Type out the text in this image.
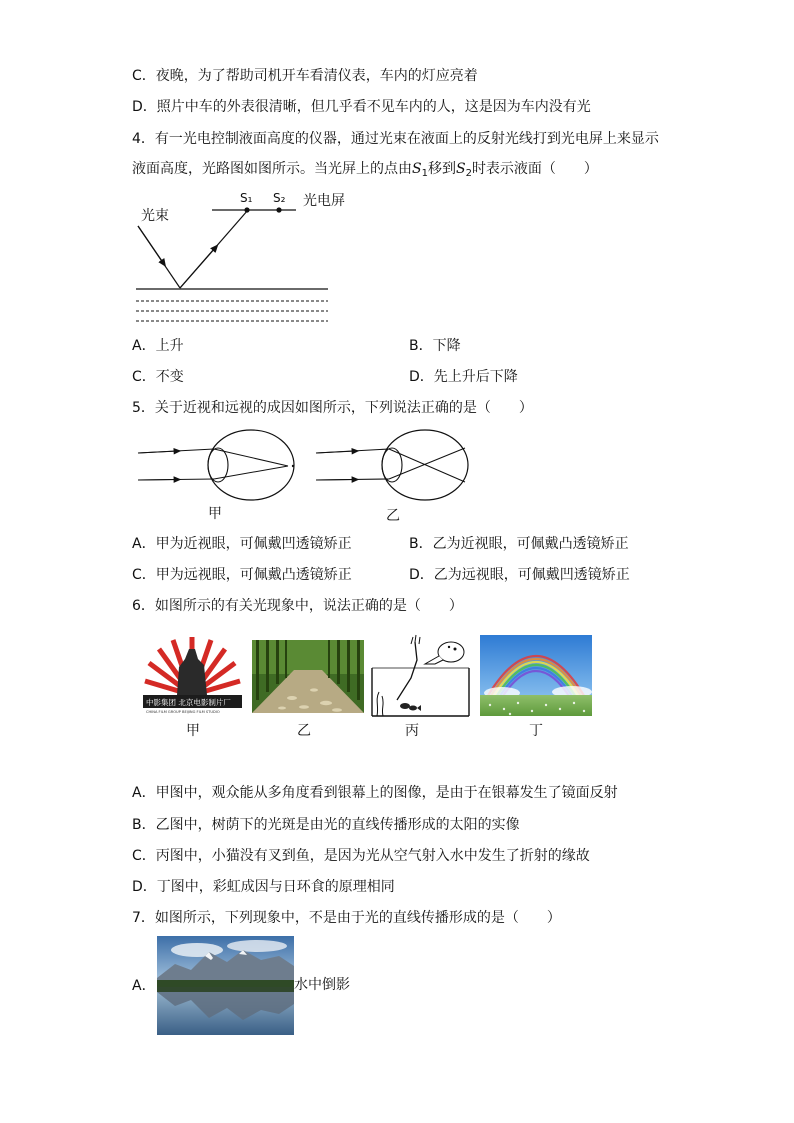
C．夜晚，为了帮助司机开车看清仪表，车内的灯应亮着
D．照片中车的外表很清晰，但几乎看不见车内的人，这是因为车内没有光
4．有一光电控制液面高度的仪器，通过光束在液面上的反射光线打到光电屏上来显示
液面高度，光路图如图所示。当光屏上的点由$S_1$移到$S_2$时表示液面（　　）
光束
S₁ S₂ 光电屏
A．上升	B．下降
C．不变	D．先上升后下降
5．关于近视和远视的成因如图所示，下列说法正确的是（　　）
甲	乙
A．甲为近视眼，可佩戴凹透镜矫正	B．乙为近视眼，可佩戴凸透镜矫正
C．甲为远视眼，可佩戴凸透镜矫正	D．乙为远视眼，可佩戴凹透镜矫正
6．如图所示的有关光现象中，说法正确的是（　　）
中影集团 北京电影制片厂
CHINA FILM GROUP BEIJING FILM STUDIO
甲	乙	丙	丁
A．甲图中，观众能从多角度看到银幕上的图像，是由于在银幕发生了镜面反射
B．乙图中，树荫下的光斑是由光的直线传播形成的太阳的实像
C．丙图中，小猫没有叉到鱼，是因为光从空气射入水中发生了折射的缘故
D．丁图中，彩虹成因与日环食的原理相同
7．如图所示，下列现象中，不是由于光的直线传播形成的是（　　）
A．	水中倒影
